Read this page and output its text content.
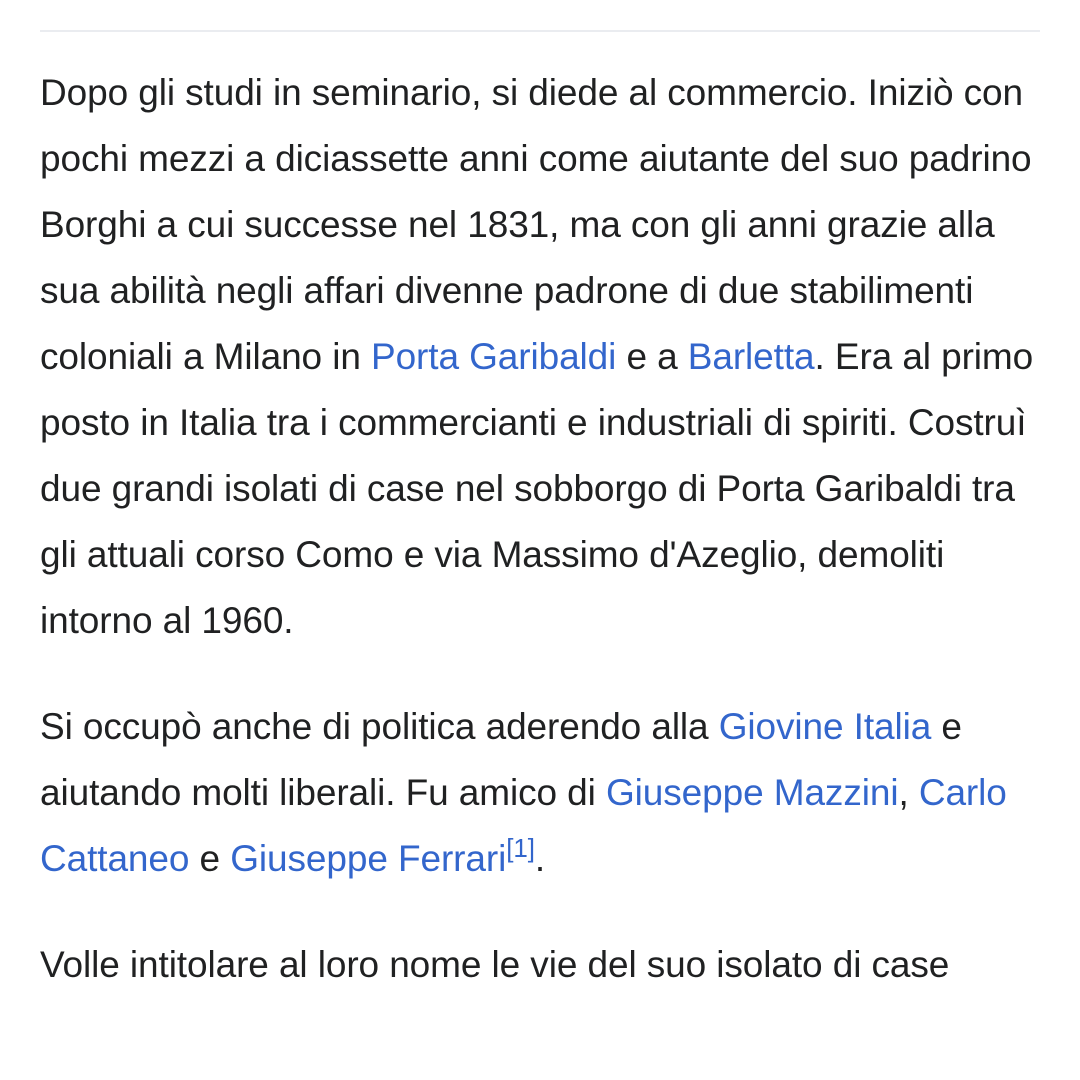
Dopo gli studi in seminario, si diede al commercio. Iniziò con pochi mezzi a diciassette anni come aiutante del suo padrino Borghi a cui successe nel 1831, ma con gli anni grazie alla sua abilità negli affari divenne padrone di due stabilimenti coloniali a Milano in Porta Garibaldi e a Barletta. Era al primo posto in Italia tra i commercianti e industriali di spiriti. Costruì due grandi isolati di case nel sobborgo di Porta Garibaldi tra gli attuali corso Como e via Massimo d'Azeglio, demoliti intorno al 1960.

Si occupò anche di politica aderendo alla Giovine Italia e aiutando molti liberali. Fu amico di Giuseppe Mazzini, Carlo Cattaneo e Giuseppe Ferrari[1].

Volle intitolare al loro nome le vie del suo isolato di case
